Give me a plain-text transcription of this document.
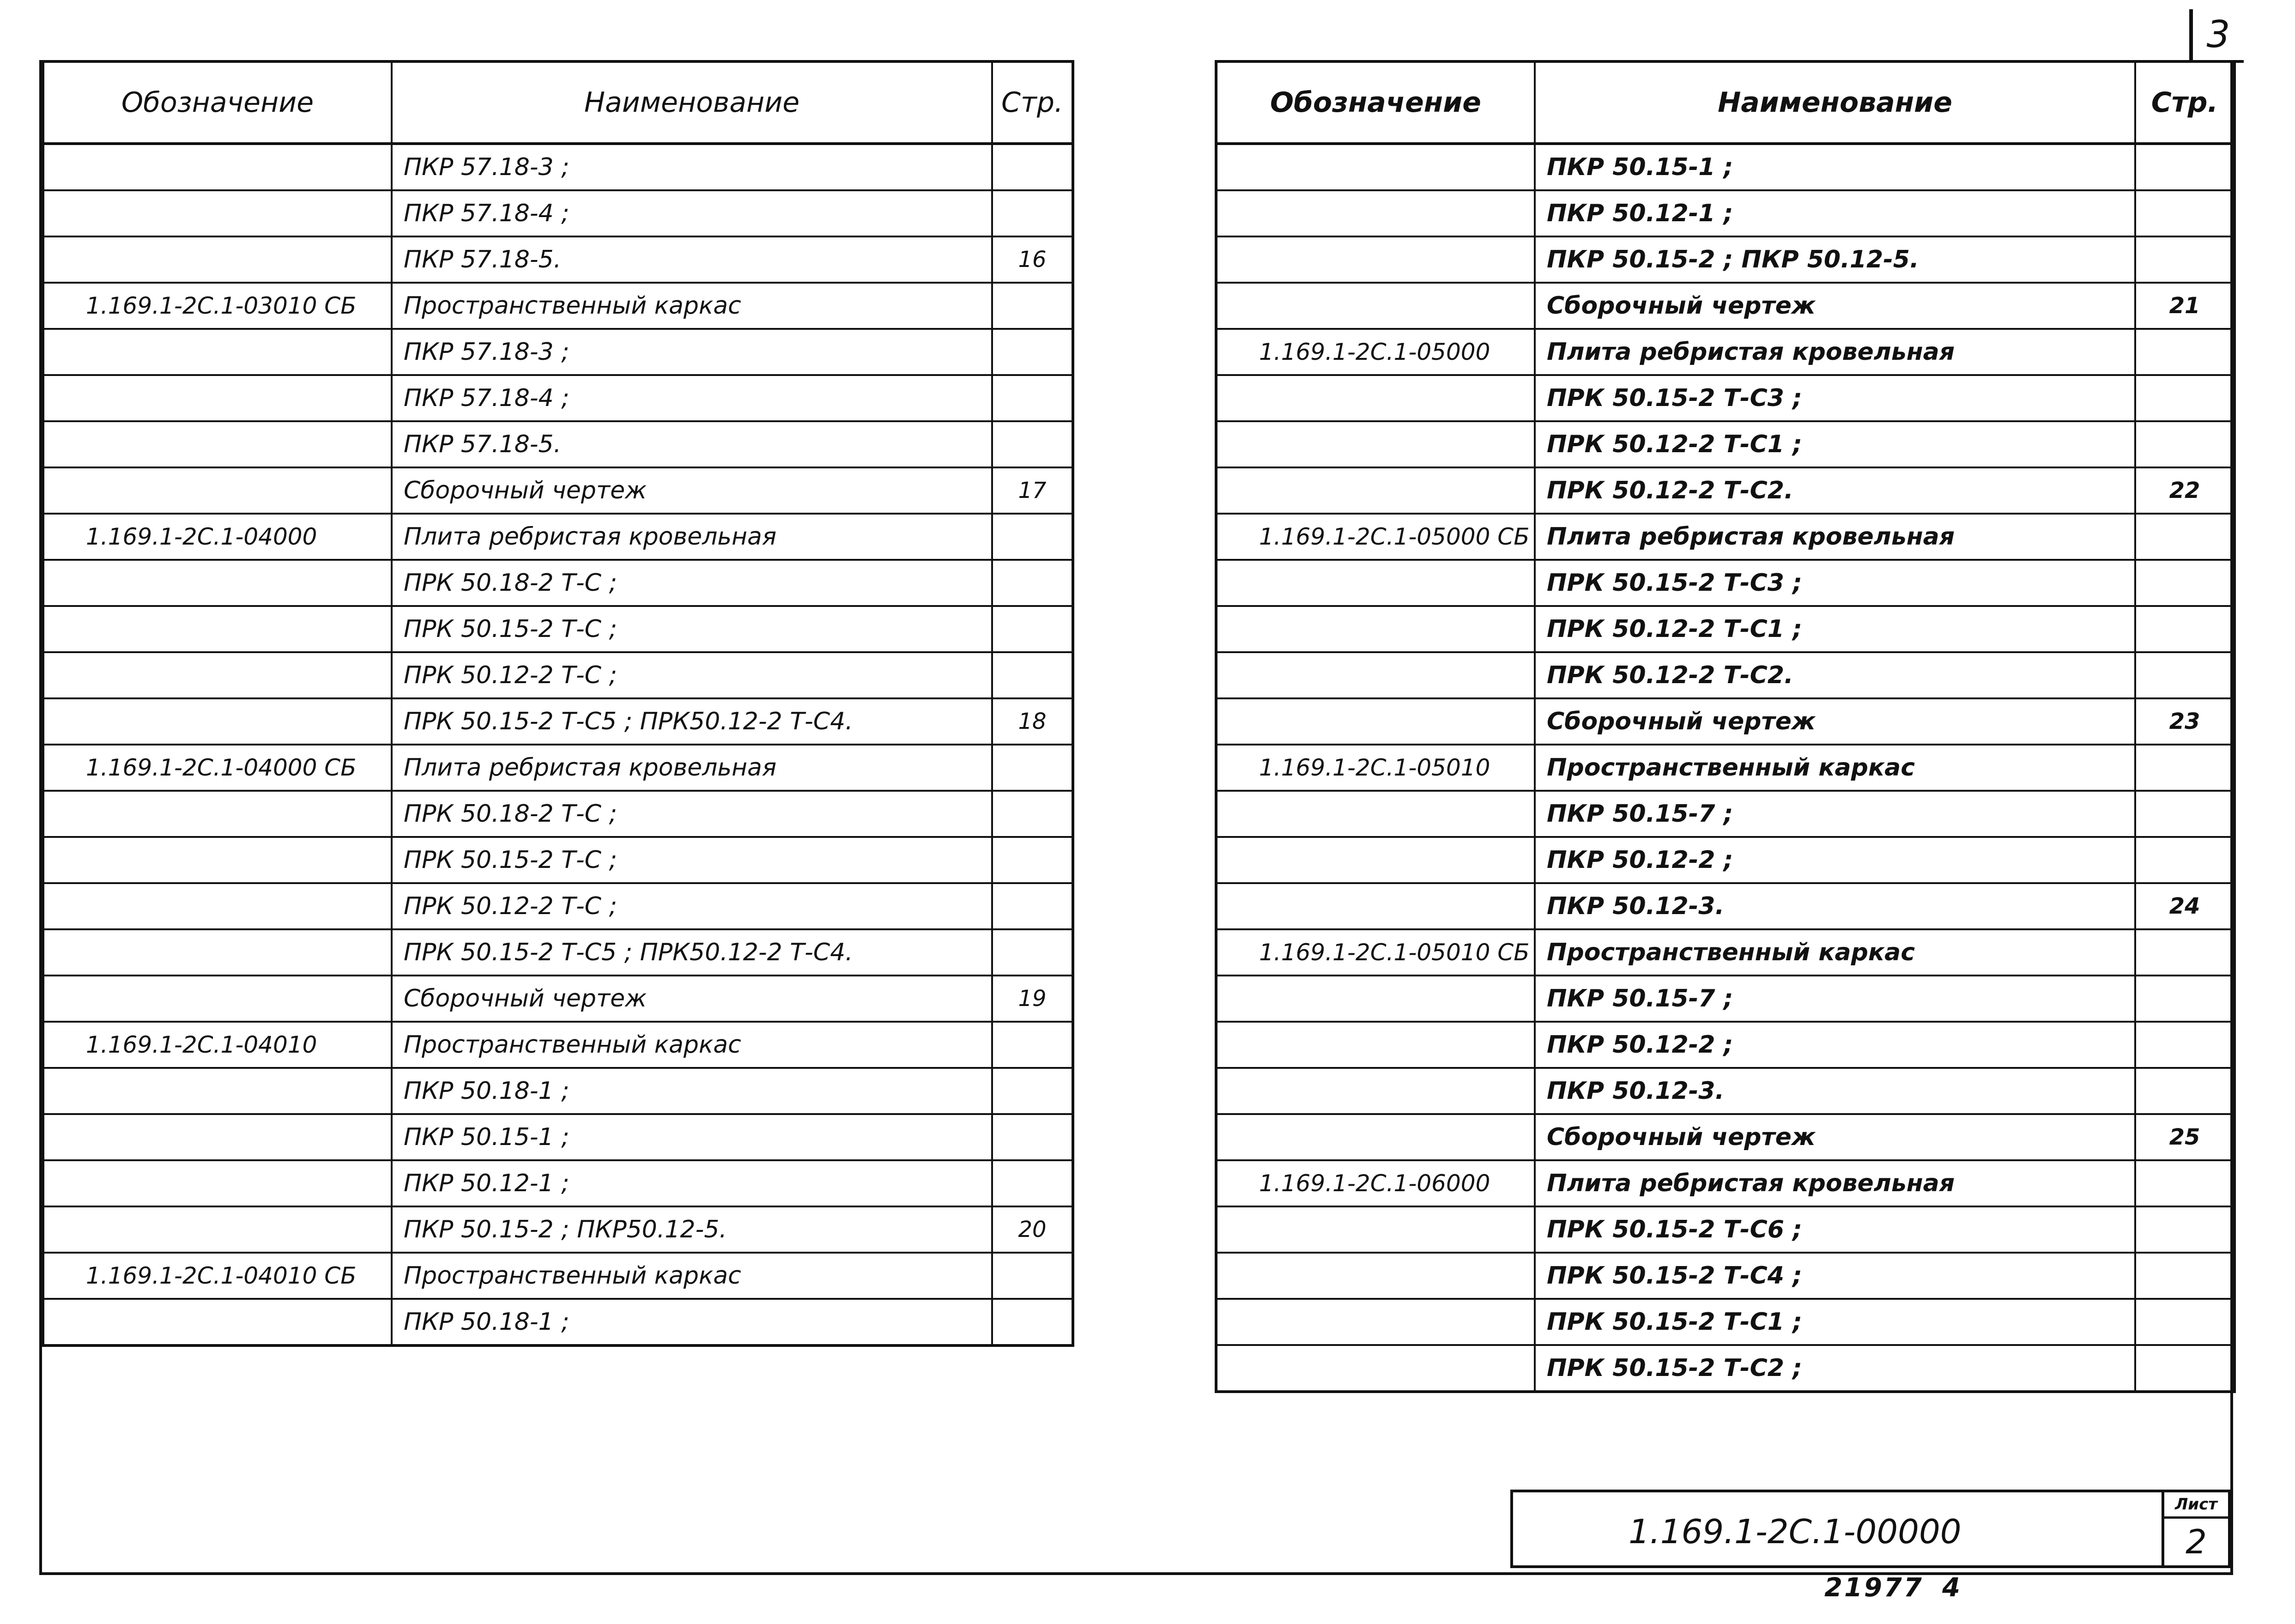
3
Обозначение	Наименование	Стр.
	ПКР 57.18-3 ;	
	ПКР 57.18-4 ;	
	ПКР 57.18-5.	16
1.169.1-2С.1-03010 СБ	Пространственный каркас	
	ПКР 57.18-3 ;	
	ПКР 57.18-4 ;	
	ПКР 57.18-5.	
	Сборочный чертеж	17
1.169.1-2С.1-04000	Плита ребристая кровельная	
	ПРК 50.18-2 Т-С ;	
	ПРК 50.15-2 Т-С ;	
	ПРК 50.12-2 Т-С ;	
	ПРК 50.15-2 Т-С5 ; ПРК50.12-2 Т-С4.	18
1.169.1-2С.1-04000 СБ	Плита ребристая кровельная	
	ПРК 50.18-2 Т-С ;	
	ПРК 50.15-2 Т-С ;	
	ПРК 50.12-2 Т-С ;	
	ПРК 50.15-2 Т-С5 ; ПРК50.12-2 Т-С4.	
	Сборочный чертеж	19
1.169.1-2С.1-04010	Пространственный каркас	
	ПКР 50.18-1 ;	
	ПКР 50.15-1 ;	
	ПКР 50.12-1 ;	
	ПКР 50.15-2 ; ПКР50.12-5.	20
1.169.1-2С.1-04010 СБ	Пространственный каркас	
	ПКР 50.18-1 ;	
Обозначение	Наименование	Стр.
	ПКР 50.15-1 ;	
	ПКР 50.12-1 ;	
	ПКР 50.15-2 ; ПКР 50.12-5.	
	Сборочный чертеж	21
1.169.1-2С.1-05000	Плита ребристая кровельная	
	ПРК 50.15-2 Т-С3 ;	
	ПРК 50.12-2 Т-С1 ;	
	ПРК 50.12-2 Т-С2.	22
1.169.1-2С.1-05000 СБ	Плита ребристая кровельная	
	ПРК 50.15-2 Т-С3 ;	
	ПРК 50.12-2 Т-С1 ;	
	ПРК 50.12-2 Т-С2.	
	Сборочный чертеж	23
1.169.1-2С.1-05010	Пространственный каркас	
	ПКР 50.15-7 ;	
	ПКР 50.12-2 ;	
	ПКР 50.12-3.	24
1.169.1-2С.1-05010 СБ	Пространственный каркас	
	ПКР 50.15-7 ;	
	ПКР 50.12-2 ;	
	ПКР 50.12-3.	
	Сборочный чертеж	25
1.169.1-2С.1-06000	Плита ребристая кровельная	
	ПРК 50.15-2 Т-С6 ;	
	ПРК 50.15-2 Т-С4 ;	
	ПРК 50.15-2 Т-С1 ;	
	ПРК 50.15-2 Т-С2 ;	
1.169.1-2С.1-00000
Лист
2
21977 4
